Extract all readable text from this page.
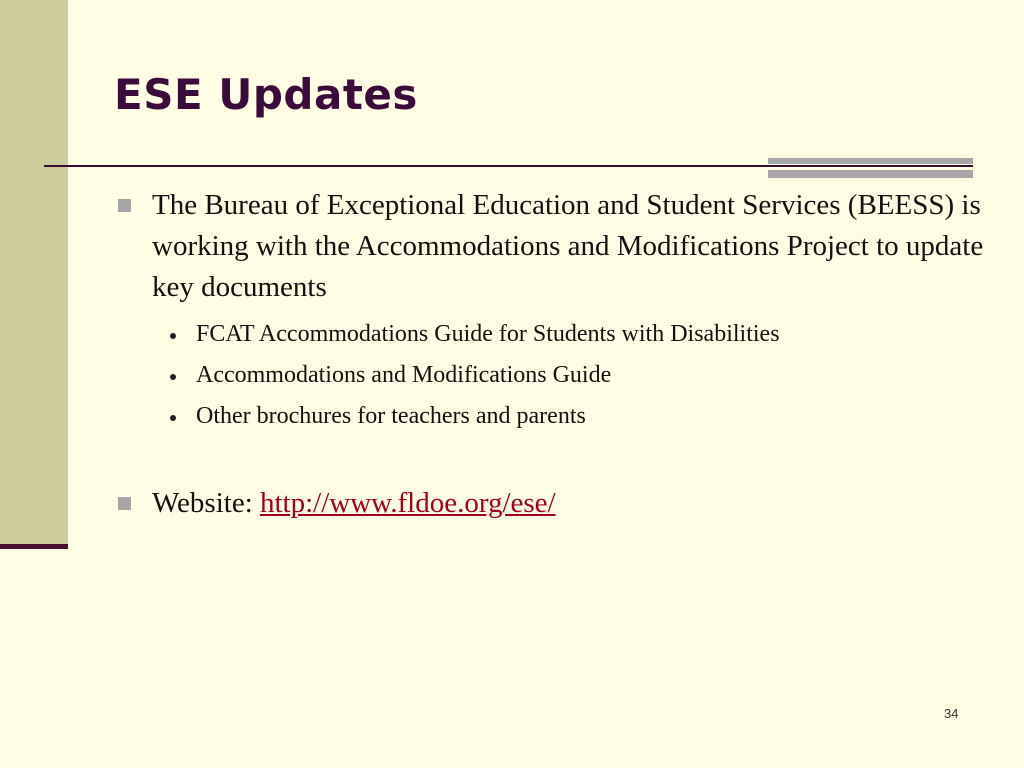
ESE Updates
The Bureau of Exceptional Education and Student Services (BEESS) is working with the Accommodations and Modifications Project to update key documents
FCAT Accommodations Guide for Students with Disabilities
Accommodations and Modifications Guide
Other brochures for teachers and parents
Website: http://www.fldoe.org/ese/
34
